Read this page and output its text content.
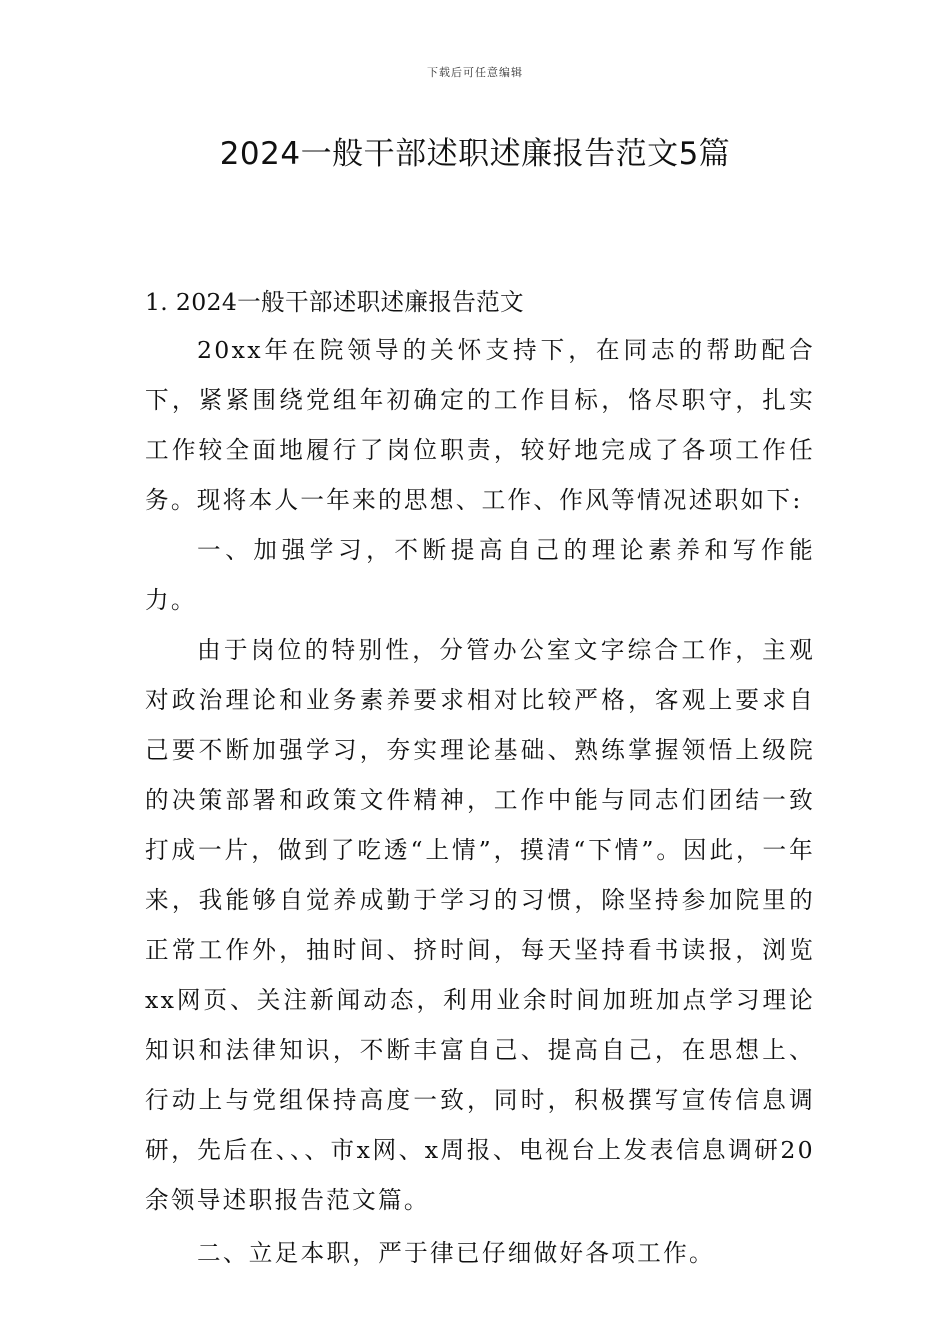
下载后可任意编辑
2024一般干部述职述廉报告范文5篇

1. 2024一般干部述职述廉报告范文

20xx年在院领导的关怀支持下，在同志的帮助配合下，紧紧围绕党组年初确定的工作目标，恪尽职守，扎实工作较全面地履行了岗位职责，较好地完成了各项工作任务。现将本人一年来的思想、工作、作风等情况述职如下:

一、加强学习，不断提高自己的理论素养和写作能力。

由于岗位的特别性，分管办公室文字综合工作，主观对政治理论和业务素养要求相对比较严格，客观上要求自己要不断加强学习，夯实理论基础、熟练掌握领悟上级院的决策部署和政策文件精神，工作中能与同志们团结一致打成一片，做到了吃透“上情”，摸清“下情”。因此，一年来，我能够自觉养成勤于学习的习惯，除坚持参加院里的正常工作外，抽时间、挤时间，每天坚持看书读报，浏览xx网页、关注新闻动态，利用业余时间加班加点学习理论知识和法律知识，不断丰富自己、提高自己，在思想上、行动上与党组保持高度一致，同时，积极撰写宣传信息调研，先后在、、、市x网、x周报、电视台上发表信息调研20余领导述职报告范文篇。

二、立足本职，严于律已仔细做好各项工作。
